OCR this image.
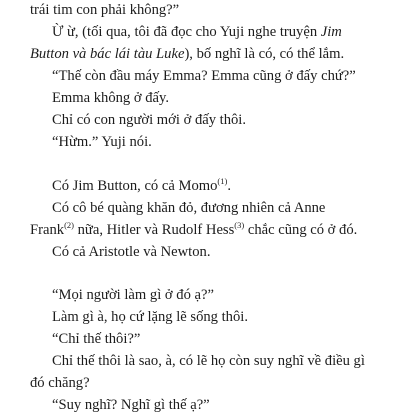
trái tim con phải không?”

Ừ ừ, (tối qua, tôi đã đọc cho Yuji nghe truyện Jim

Button và bác lái tàu Luke), bố nghĩ là có, có thể lắm.

“Thế còn đầu máy Emma? Emma cũng ở đấy chứ?”

Emma không ở đấy.

Chỉ có con người mới ở đấy thôi.

“Hừm.” Yuji nói.

Có Jim Button, có cả Momo$^{(1)}$.

Có cô bé quàng khăn đỏ, đương nhiên cả Anne

Frank$^{(2)}$ nữa, Hitler và Rudolf Hess$^{(3)}$ chắc cũng có ở đó.

Có cả Aristotle và Newton.

“Mọi người làm gì ở đó ạ?”

Làm gì à, họ cứ lặng lẽ sống thôi.

“Chỉ thế thôi?”

Chỉ thế thôi là sao, à, có lẽ họ còn suy nghĩ về điều gì

đó chăng?

“Suy nghĩ? Nghĩ gì thế ạ?”
